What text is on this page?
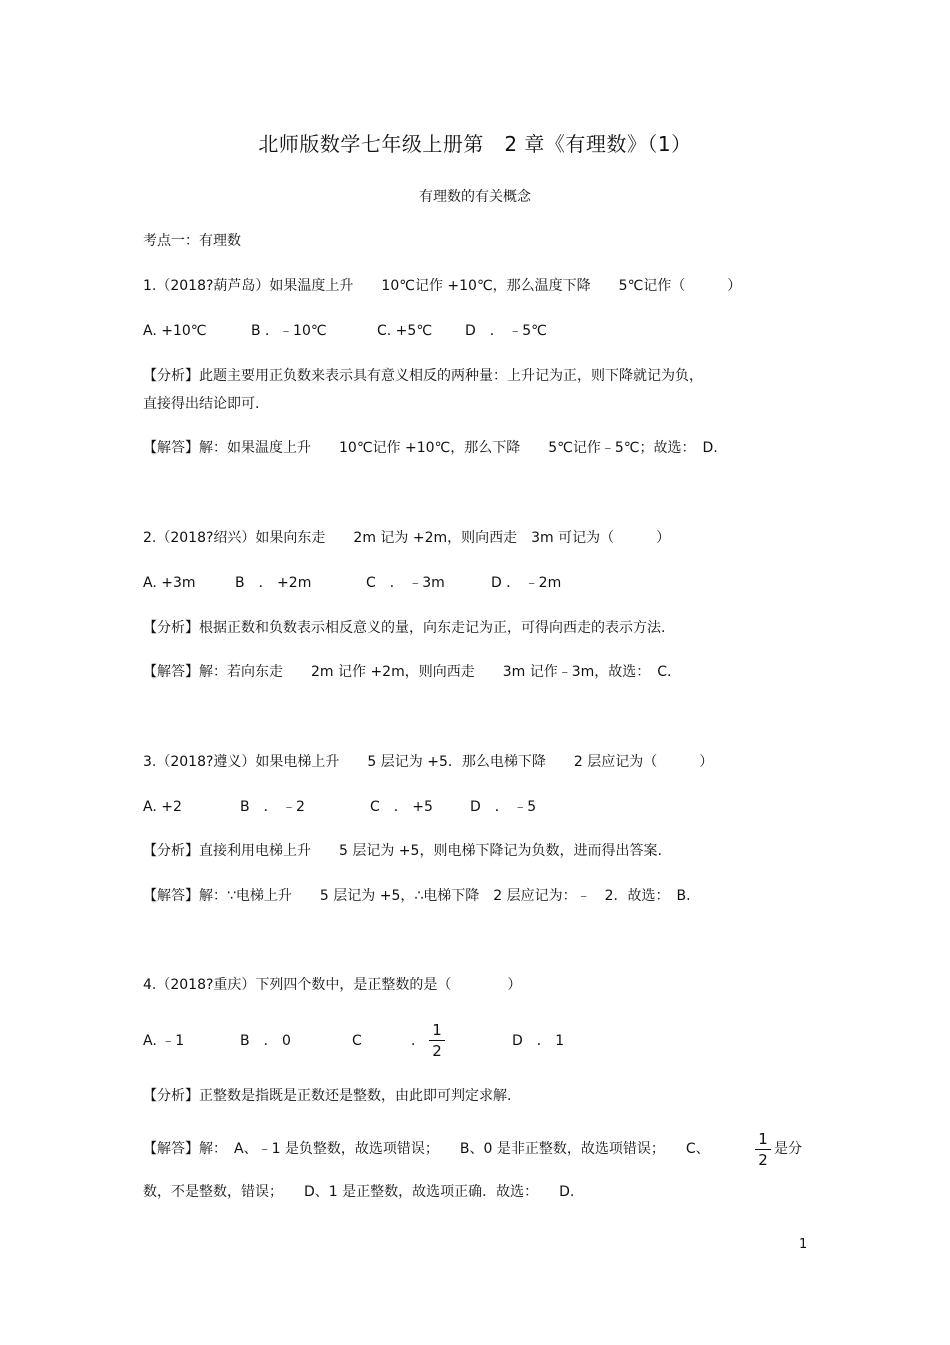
北师版数学七年级上册第　2 章《有理数》（1）
有理数的有关概念
考点一：有理数
1.（2018?葫芦岛）如果温度上升　　10℃记作 +10℃，那么温度下降　　5℃记作（　　　）
A. +10℃	B ．﹣10℃	C. +5℃ D　． ﹣5℃
【分析】此题主要用正负数来表示具有意义相反的两种量：上升记为正，则下降就记为负，
直接得出结论即可.
【解答】解：如果温度上升　　10℃记作 +10℃，那么下降　　5℃记作﹣5℃；故选：　D.
2.（2018?绍兴）如果向东走　　2m 记为 +2m，则向西走　3m 可记为（　　　）
A. +3m	B　． +2m	C　． ﹣3m	D ． ﹣2m
【分析】根据正数和负数表示相反意义的量，向东走记为正，可得向西走的表示方法.
【解答】解：若向东走　　2m 记作 +2m，则向西走　　3m 记作﹣3m，故选：　C.
3.（2018?遵义）如果电梯上升　　5 层记为 +5．那么电梯下降　　2 层应记为（　　　）
A. +2	B　． ﹣2	C　． +5	D　． ﹣5
【分析】直接利用电梯上升　　5 层记为 +5，则电梯下降记为负数，进而得出答案.
【解答】解：∵电梯上升　　5 层记为 +5，∴电梯下降　2 层应记为：﹣　2．故选：　B.
4.（2018?重庆）下列四个数中，是正整数的是（　　　　）
A. ﹣1	B　． 0	C	．
1
2
D　． 1
【分析】正整数是指既是正数还是整数，由此即可判定求解.
【解答】解：　A、﹣1 是负整数，故选项错误；　　B、0 是非正整数，故选项错误；　　C、
1
2
是分
数，不是整数，错误；　　D、1 是正整数，故选项正确．故选：　　D.
1
